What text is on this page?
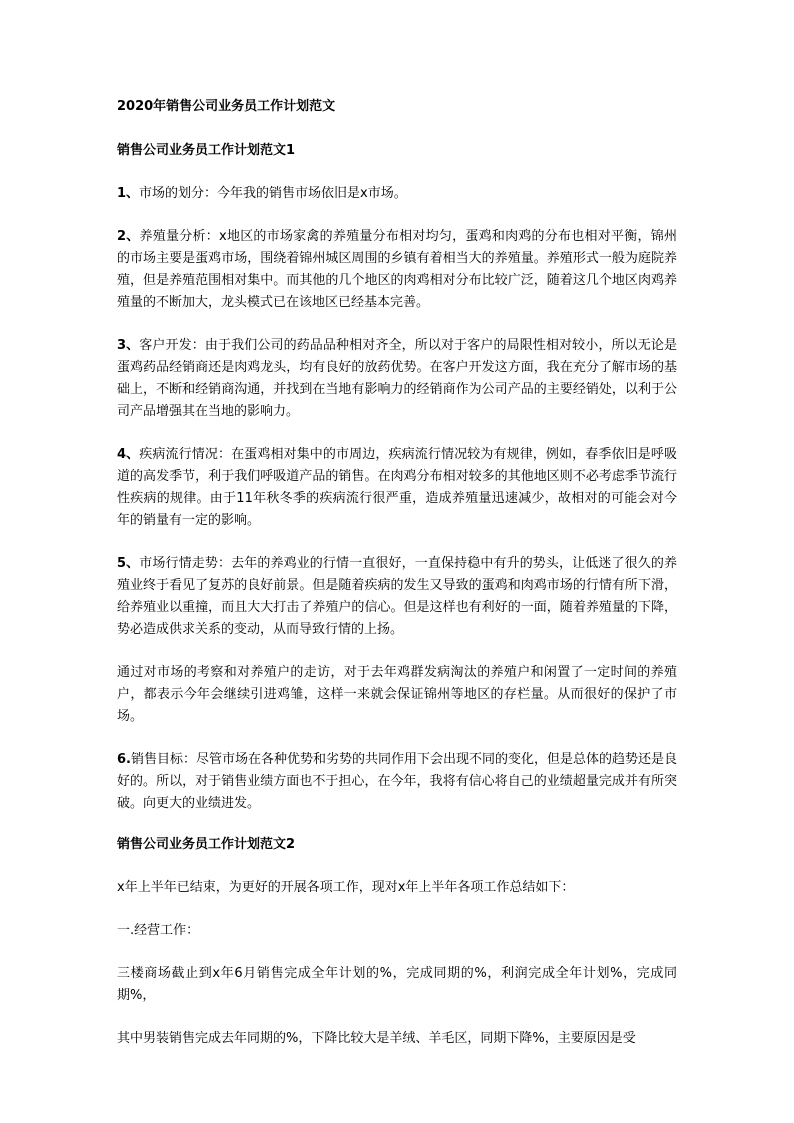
2020年销售公司业务员工作计划范文
销售公司业务员工作计划范文1

1、市场的划分：今年我的销售市场依旧是x市场。

2、养殖量分析：x地区的市场家禽的养殖量分布相对均匀，蛋鸡和肉鸡的分布也相对平衡，锦州的市场主要是蛋鸡市场，围绕着锦州城区周围的乡镇有着相当大的养殖量。养殖形式一般为庭院养殖，但是养殖范围相对集中。而其他的几个地区的肉鸡相对分布比较广泛，随着这几个地区肉鸡养殖量的不断加大，龙头模式已在该地区已经基本完善。

3、客户开发：由于我们公司的药品品种相对齐全，所以对于客户的局限性相对较小，所以无论是蛋鸡药品经销商还是肉鸡龙头，均有良好的放药优势。在客户开发这方面，我在充分了解市场的基础上，不断和经销商沟通，并找到在当地有影响力的经销商作为公司产品的主要经销处，以利于公司产品增强其在当地的影响力。

4、疾病流行情况：在蛋鸡相对集中的市周边，疾病流行情况较为有规律，例如，春季依旧是呼吸道的高发季节，利于我们呼吸道产品的销售。在肉鸡分布相对较多的其他地区则不必考虑季节流行性疾病的规律。由于11年秋冬季的疾病流行很严重，造成养殖量迅速减少，故相对的可能会对今年的销量有一定的影响。

5、市场行情走势：去年的养鸡业的行情一直很好，一直保持稳中有升的势头，让低迷了很久的养殖业终于看见了复苏的良好前景。但是随着疾病的发生又导致的蛋鸡和肉鸡市场的行情有所下滑，给养殖业以重撞，而且大大打击了养殖户的信心。但是这样也有利好的一面，随着养殖量的下降，势必造成供求关系的变动，从而导致行情的上扬。

通过对市场的考察和对养殖户的走访，对于去年鸡群发病淘汰的养殖户和闲置了一定时间的养殖户，都表示今年会继续引进鸡雏，这样一来就会保证锦州等地区的存栏量。从而很好的保护了市场。

6.销售目标：尽管市场在各种优势和劣势的共同作用下会出现不同的变化，但是总体的趋势还是良好的。所以，对于销售业绩方面也不于担心，在今年，我将有信心将自己的业绩超量完成并有所突破。向更大的业绩进发。

销售公司业务员工作计划范文2

x年上半年已结束，为更好的开展各项工作，现对x年上半年各项工作总结如下：

一.经营工作：

三楼商场截止到x年6月销售完成全年计划的%，完成同期的%，利润完成全年计划%，完成同期%，

其中男装销售完成去年同期的%，下降比较大是羊绒、羊毛区，同期下降%，主要原因是受
